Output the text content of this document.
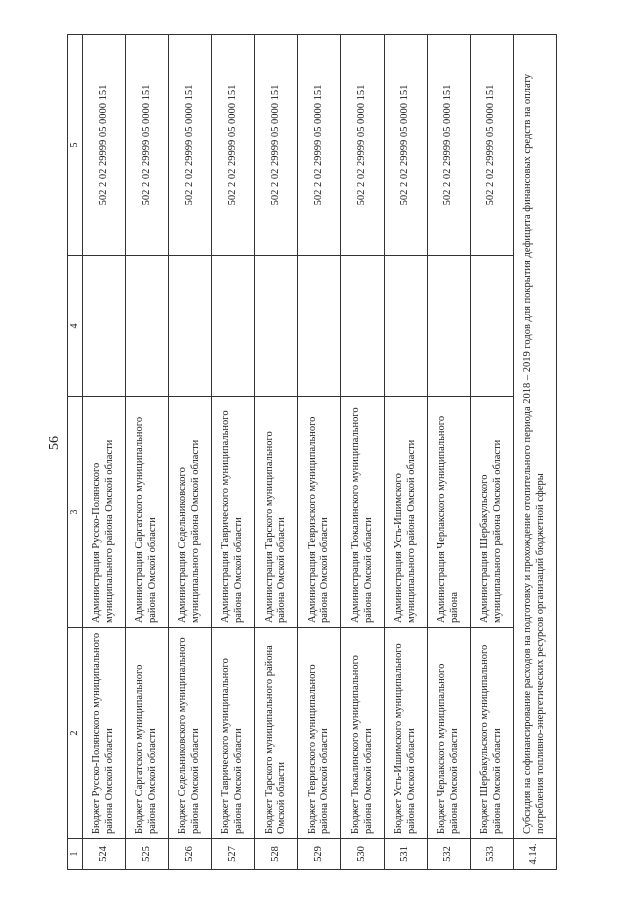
56
1	2	3	4	5
524	Бюджет Русско-Полянского муниципального района Омской области	Администрация Русско-Полянского муниципального района Омской области		502 2 02 29999 05 0000 151
525	Бюджет Саргатского муниципального района Омской области	Администрация Саргатского муниципального района Омской области		502 2 02 29999 05 0000 151
526	Бюджет Седельниковского муниципального района Омской области	Администрация Седельниковского муниципального района Омской области		502 2 02 29999 05 0000 151
527	Бюджет Таврического муниципального района Омской области	Администрация Таврического муниципального района Омской области		502 2 02 29999 05 0000 151
528	Бюджет Тарского муниципального района Омской области	Администрация Тарского муниципального района Омской области		502 2 02 29999 05 0000 151
529	Бюджет Тевризского муниципального района Омской области	Администрация Тевризского муниципального района Омской области		502 2 02 29999 05 0000 151
530	Бюджет Тюкалинского муниципального района Омской области	Администрация Тюкалинского муниципального района Омской области		502 2 02 29999 05 0000 151
531	Бюджет Усть-Ишимского муниципального района Омской области	Администрация Усть-Ишимского муниципального района Омской области		502 2 02 29999 05 0000 151
532	Бюджет Черлакского муниципального района Омской области	Администрация Черлакского муниципального района		502 2 02 29999 05 0000 151
533	Бюджет Шербакульского муниципального района Омской области	Администрация Шербакульского муниципального района Омской области		502 2 02 29999 05 0000 151
4.14.	Субсидия на софинансирование расходов на подготовку и прохождение отопительного периода 2018 – 2019 годов для покрытия дефицита финансовых средств на оплату потребления топливно-энергетических ресурсов организаций бюджетной сферы			
